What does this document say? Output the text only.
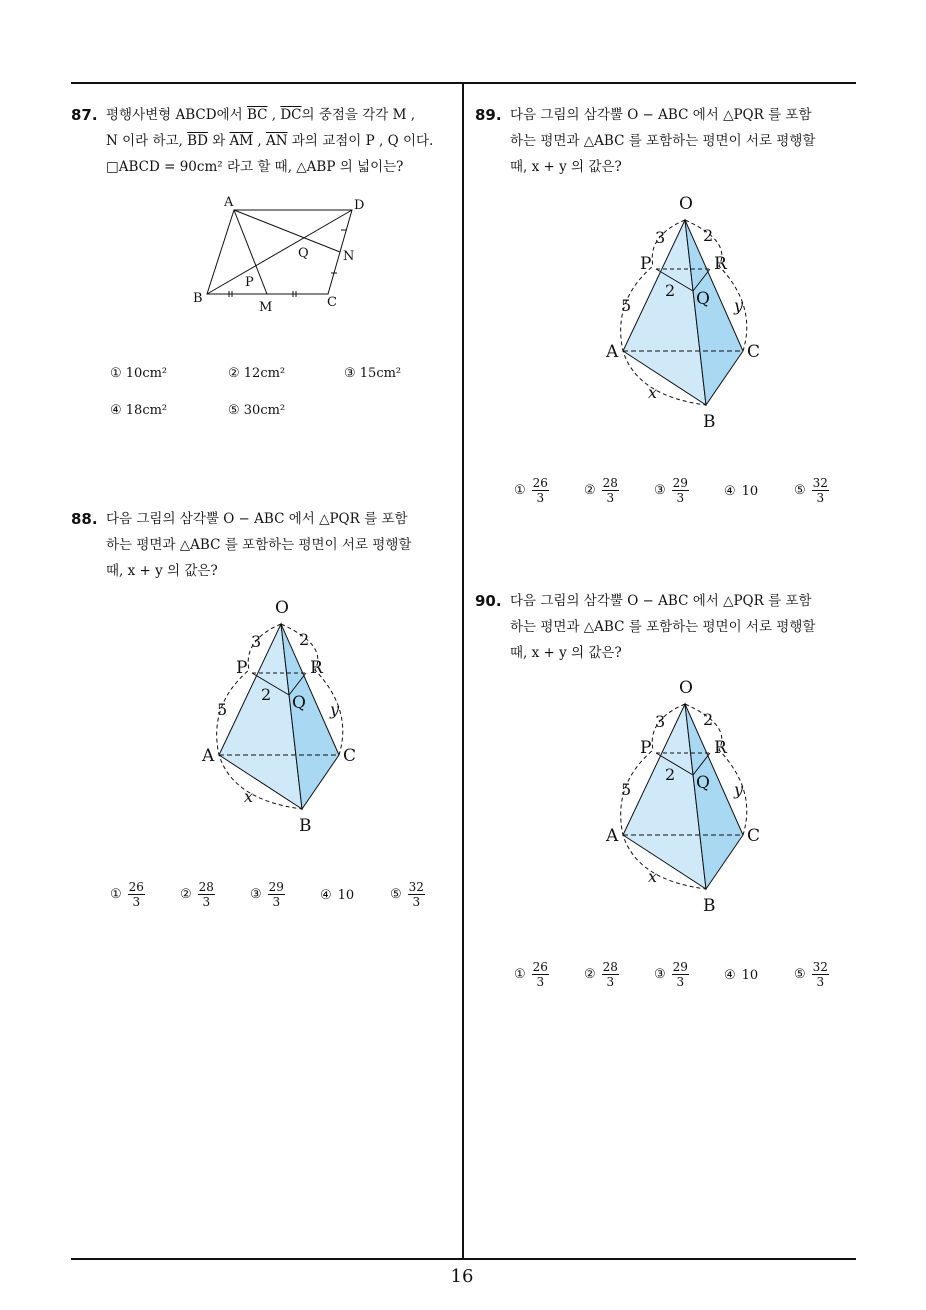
87. 평행사변형 ABCD에서 $\overline{BC}$ , $\overline{DC}$의 중점을 각각 M ,
N 이라 하고, $\overline{BD}$ 와 $\overline{AM}$ , $\overline{AN}$ 과의 교점이 P , Q 이다.
□ABCD = 90cm² 라고 할 때, △ABP 의 넓이는?
A	D
B	C
M
N
P
Q
① 10cm²	② 12cm²	③ 15cm²
④ 18cm²	⑤ 30cm²
88. 다음 그림의 삼각뿔 O − ABC 에서 △PQR 를 포함
하는 평면과 △ABC 를 포함하는 평면이 서로 평행할
때, x + y 의 값은?
O
P	R
Q
A	C
B
3 2
2
5	y
x
① $\frac{26}{3}$	② $\frac{28}{3}$	③ $\frac{29}{3}$	④ 10	⑤ $\frac{32}{3}$
89. 다음 그림의 삼각뿔 O − ABC 에서 △PQR 를 포함
하는 평면과 △ABC 를 포함하는 평면이 서로 평행할
때, x + y 의 값은?
O
P	R
Q
A	C
B
3 2
2
5	y
x
① $\frac{26}{3}$	② $\frac{28}{3}$	③ $\frac{29}{3}$	④ 10	⑤ $\frac{32}{3}$
90. 다음 그림의 삼각뿔 O − ABC 에서 △PQR 를 포함
하는 평면과 △ABC 를 포함하는 평면이 서로 평행할
때, x + y 의 값은?
O
P	R
Q
A	C
B
3 2
2
5	y
x
① $\frac{26}{3}$	② $\frac{28}{3}$	③ $\frac{29}{3}$	④ 10	⑤ $\frac{32}{3}$
16
